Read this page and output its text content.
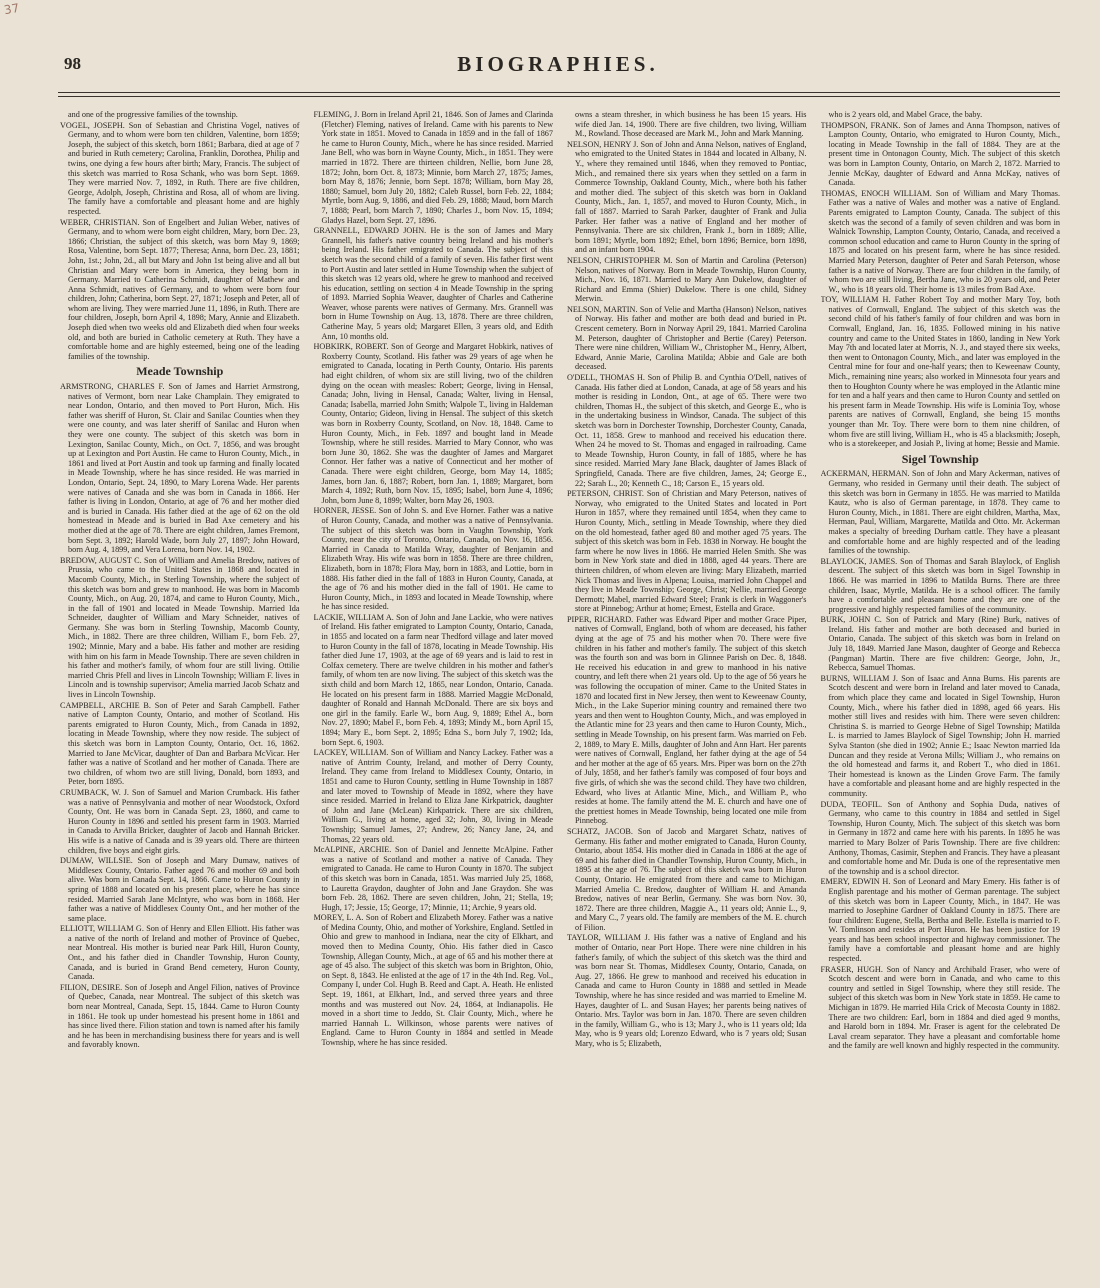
37
98	BIOGRAPHIES.

and one of the progressive families of the township.

VOGEL, JOSEPH. Son of Sebastian and Christina Vogel, natives of Germany, and to whom were born ten children, Valentine, born 1859; Joseph, the subject of this sketch, born 1861; Barbara, died at age of 7 and buried in Ruth cemetery; Carolina, Franklin, Dorothea, Philip and twins, one dying a few hours after birth; Mary, Francis. The subject of this sketch was married to Rosa Schank, who was born Sept. 1869. They were married Nov. 7, 1892, in Ruth. There are five children, George, Adolph, Joseph, Christina and Rosa, all of whom are living. The family have a comfortable and pleasant home and are highly respected.

WEBER, CHRISTIAN. Son of Engelbert and Julian Weber, natives of Germany, and to whom were born eight children, Mary, born Dec. 23, 1866; Christian, the subject of this sketch, was born May 9, 1869; Rosa, Valentine, born Sept. 1877; Theresa; Anna, born Dec. 23, 1881; John, 1st.; John, 2d., all but Mary and John 1st being alive and all but Christian and Mary were born in America, they being born in Germany. Married to Catherina Schmidt, daughter of Mathew and Anna Schmidt, natives of Germany, and to whom were born four children, John; Catherina, born Sept. 27, 1871; Joseph and Peter, all of whom are living. They were married June 11, 1896, in Ruth. There are four children, Joseph, born April 4, 1898; Mary, Annie and Elizabeth. Joseph died when two weeks old and Elizabeth died when four weeks old, and both are buried in Catholic cemetery at Ruth. They have a comfortable home and are highly esteemed, being one of the leading families of the township.

Meade Township

ARMSTRONG, CHARLES F. Son of James and Harriet Armstrong, natives of Vermont, born near Lake Champlain. They emigrated to near London, Ontario, and then moved to Port Huron, Mich. His father was sheriff of Huron, St. Clair and Sanilac Counties when they were one county, and was later sheriff of Sanilac and Huron when they were one county. The subject of this sketch was born in Lexington, Sanilac County, Mich., on Oct. 7, 1856, and was brought up at Lexington and Port Austin. He came to Huron County, Mich., in 1861 and lived at Port Austin and took up farming and finally located in Meade Township, where he has since resided. He was married in London, Ontario, Sept. 24, 1890, to Mary Lorena Wade. Her parents were natives of Canada and she was born in Canada in 1866. Her father is living in London, Ontario, at age of 76 and her mother died and is buried in Canada. His father died at the age of 62 on the old homestead in Meade and is buried in Bad Axe cemetery and his mother died at the age of 78. There are eight children, James Fremont, born Sept. 3, 1892; Harold Wade, born July 27, 1897; John Howard, born Aug. 4, 1899, and Vera Lorena, born Nov. 14, 1902.

BREDOW, AUGUST C. Son of William and Amelia Bredow, natives of Prussia, who came to the United States in 1868 and located in Macomb County, Mich., in Sterling Township, where the subject of this sketch was born and grew to manhood. He was born in Macomb County, Mich., on Aug. 20, 1874, and came to Huron County, Mich., in the fall of 1901 and located in Meade Township. Married Ida Schneider, daughter of William and Mary Schneider, natives of Germany. She was born in Sterling Township, Macomb County, Mich., in 1882. There are three children, William F., born Feb. 27, 1902; Minnie, Mary and a babe. His father and mother are residing with him on his farm in Meade Township. There are seven children in his father and mother's family, of whom four are still living. Ottilie married Chris Pfell and lives in Lincoln Township; William F. lives in Lincoln and is township supervisor; Amelia married Jacob Schatz and lives in Lincoln Township.

CAMPBELL, ARCHIE B. Son of Peter and Sarah Campbell. Father native of Lampton County, Ontario, and mother of Scotland. His parents emigrated to Huron County, Mich., from Canada in 1892, locating in Meade Township, where they now reside. The subject of this sketch was born in Lampton County, Ontario, Oct. 16, 1862. Married to Jane McVicar, daughter of Dan and Barbara McVicar. Her father was a native of Scotland and her mother of Canada. There are two children, of whom two are still living, Donald, born 1893, and Peter, born 1895.

CRUMBACK, W. J. Son of Samuel and Marion Crumback. His father was a native of Pennsylvania and mother of near Woodstock, Oxford County, Ont. He was born in Canada Sept. 23, 1860, and came to Huron County in 1896 and settled his present farm in 1903. Married in Canada to Arvilla Bricker, daughter of Jacob and Hannah Bricker. His wife is a native of Canada and is 39 years old. There are thirteen children, five boys and eight girls.

DUMAW, WILLSIE. Son of Joseph and Mary Dumaw, natives of Middlesex County, Ontario. Father aged 76 and mother 69 and both alive. Was born in Canada Sept. 14, 1866. Came to Huron County in spring of 1888 and located on his present place, where he has since resided. Married Sarah Jane McIntyre, who was born in 1868. Her father was a native of Middlesex County Ont., and her mother of the same place.

ELLIOTT, WILLIAM G. Son of Henry and Ellen Elliott. His father was a native of the north of Ireland and mother of Province of Quebec, near Montreal. His mother is buried near Park Hill, Huron County, Ont., and his father died in Chandler Township, Huron County, Canada, and is buried in Grand Bend cemetery, Huron County, Canada.

FILION, DESIRE. Son of Joseph and Angel Filion, natives of Province of Quebec, Canada, near Montreal. The subject of this sketch was born near Montreal, Canada, Sept. 15, 1844. Came to Huron County in 1861. He took up under homestead his present home in 1861 and has since lived there. Filion station and town is named after his family and he has been in merchandising business there for years and is well and favorably known.

FLEMING, J. Born in Ireland April 21, 1846. Son of James and Clarinda (Fletcher) Fleming, natives of Ireland. Came with his parents to New York state in 1851. Moved to Canada in 1859 and in the fall of 1867 he came to Huron County, Mich., where he has since resided. Married Jane Bell, who was born in Wayne County, Mich., in 1851. They were married in 1872. There are thirteen children, Nellie, born June 28, 1872; John, born Oct. 8, 1873; Minnie, born March 27, 1875; James, born May 8, 1876; Jennie, born Sept. 1878; William, born May 28, 1880; Samuel, born July 20, 1882; Caleb Russel, born Feb. 22, 1884; Myrtle, born Aug. 9, 1886, and died Feb. 29, 1888; Maud, born March 7, 1888; Pearl, born March 7, 1890; Charles J., born Nov. 15, 1894; Gladys Hazel, born Sept. 27, 1896.

GRANNELL, EDWARD JOHN. He is the son of James and Mary Grannell, his father's native country being Ireland and his mother's being Ireland. His father emigrated to Canada. The subject of this sketch was the second child of a family of seven. His father first went to Port Austin and later settled in Hume Township when the subject of this sketch was 12 years old, where he grew to manhood and received his education, settling on section 4 in Meade Township in the spring of 1893. Married Sophia Weaver, daughter of Charles and Catherine Weaver, whose parents were natives of Germany. Mrs. Grannell was born in Hume Township on Aug. 13, 1878. There are three children, Catherine May, 5 years old; Margaret Ellen, 3 years old, and Edith Ann, 10 months old.

HOBKIRK, ROBERT. Son of George and Margaret Hobkirk, natives of Roxberry County, Scotland. His father was 29 years of age when he emigrated to Canada, locating in Perth County, Ontario. His parents had eight children, of whom six are still living, two of the children dying on the ocean with measles: Robert; George, living in Hensal, Canada; John, living in Hensal, Canada; Walter, living in Hensal, Canada; Isabella, married John Smith; Walpole T., living in Haldeman County, Ontario; Gideon, living in Hensal. The subject of this sketch was born in Roxberry County, Scotland, on Nov. 18, 1848. Came to Huron County, Mich., in Feb. 1897 and bought land in Meade Township, where he still resides. Married to Mary Connor, who was born June 30, 1862. She was the daughter of James and Margaret Connor. Her father was a native of Connecticut and her mother of Canada. There were eight children, George, born May 14, 1885; James, born Jan. 6, 1887; Robert, born Jan. 1, 1889; Margaret, born March 4, 1892; Ruth, born Nov. 15, 1895; Isabel, born June 4, 1896; John, born June 8, 1899; Walter, born May 26, 1903.

HORNER, JESSE. Son of John S. and Eve Horner. Father was a native of Huron County, Canada, and mother was a native of Pennsylvania. The subject of this sketch was born in Vaughn Township, York County, near the city of Toronto, Ontario, Canada, on Nov. 16, 1856. Married in Canada to Matilda Wray, daughter of Benjamin and Elizabeth Wray. His wife was born in 1858. There are three children, Elizabeth, born in 1878; Flora May, born in 1883, and Lottie, born in 1888. His father died in the fall of 1883 in Huron County, Canada, at the age of 76 and his mother died in the fall of 1901. He came to Huron County, Mich., in 1893 and located in Meade Township, where he has since resided.

LACKIE, WILLIAM A. Son of John and Jane Lackie, who were natives of Ireland. His father emigrated to Lampton County, Ontario, Canada, in 1855 and located on a farm near Thedford village and later moved to Huron County in the fall of 1878, locating in Meade Township. His father died June 17, 1903, at the age of 69 years and is laid to rest in Colfax cemetery. There are twelve children in his mother and father's family, of whom ten are now living. The subject of this sketch was the sixth child and born March 12, 1865, near London, Ontario, Canada. He located on his present farm in 1888. Married Maggie McDonald, daughter of Ronald and Hannah McDonald. There are six boys and one girl in the family. Earle W., born Aug. 9, 1889; Ethel A., born Nov. 27, 1890; Mabel F., born Feb. 4, 1893; Mindy M., born April 15, 1894; Mary E., born Sept. 2, 1895; Edna S., born July 7, 1902; Ida, born Sept. 6, 1903.

LACKEY, WILLIAM. Son of William and Nancy Lackey. Father was a native of Antrim County, Ireland, and mother of Derry County, Ireland. They came from Ireland to Middlesex County, Ontario, in 1851 and came to Huron County, settling in Hume Township in 1887 and later moved to Township of Meade in 1892, where they have since resided. Married in Ireland to Eliza Jane Kirkpatrick, daughter of John and Jane (McLean) Kirkpatrick. There are six children, William G., living at home, aged 32; John, 30, living in Meade Township; Samuel James, 27; Andrew, 26; Nancy Jane, 24, and Thomas, 22 years old.

McALPINE, ARCHIE. Son of Daniel and Jennette McAlpine. Father was a native of Scotland and mother a native of Canada. They emigrated to Canada. He came to Huron County in 1870. The subject of this sketch was born in Canada, 1851. Was married July 25, 1868, to Lauretta Graydon, daughter of John and Jane Graydon. She was born Feb. 28, 1862. There are seven children, John, 21; Stella, 19; Hugh, 17; Jessie, 15; George, 17; Minnie, 11; Archie, 9 years old.

MOREY, L. A. Son of Robert and Elizabeth Morey. Father was a native of Medina County, Ohio, and mother of Yorkshire, England. Settled in Ohio and grew to manhood in Indiana, near the city of Elkhart, and moved then to Medina County, Ohio. His father died in Casco Township, Allegan County, Mich., at age of 65 and his mother there at age of 45 also. The subject of this sketch was born in Brighton, Ohio, on Sept. 8, 1843. He enlisted at the age of 17 in the 4th Ind. Reg. Vol., Company I, under Col. Hugh B. Reed and Capt. A. Heath. He enlisted Sept. 19, 1861, at Elkhart, Ind., and served three years and three months and was mustered out Nov. 24, 1864, at Indianapolis. He moved in a short time to Jeddo, St. Clair County, Mich., where he married Hannah L. Wilkinson, whose parents were natives of England. Came to Huron County in 1884 and settled in Meade Township, where he has since resided.

owns a steam thresher, in which business he has been 15 years. His wife died Jan. 14, 1900. There are five children, two living, William M., Rowland. Those deceased are Mark M., John and Mark Manning.

NELSON, HENRY J. Son of John and Anna Nelson, natives of England, who emigrated to the United States in 1844 and located in Albany, N. Y., where they remained until 1846, when they removed to Pontiac, Mich., and remained there six years when they settled on a farm in Commerce Township, Oakland County, Mich., where both his father and mother died. The subject of this sketch was born in Oakland County, Mich., Jan. 1, 1857, and moved to Huron County, Mich., in fall of 1887. Married to Sarah Parker, daughter of Frank and Julia Parker. Her father was a native of England and her mother of Pennsylvania. There are six children, Frank J., born in 1889; Allie, born 1891; Myrtle, born 1892; Ethel, born 1896; Bernice, born 1898, and an infant born 1904.

NELSON, CHRISTOPHER M. Son of Martin and Carolina (Peterson) Nelson, natives of Norway. Born in Meade Township, Huron County, Mich., Nov. 16, 1871. Married to Mary Ann Dukelow, daughter of Richard and Emma (Shier) Dukelow. There is one child, Sidney Merwin.

NELSON, MARTIN. Son of Velie and Martha (Hanson) Nelson, natives of Norway. His father and mother are both dead and buried in Pt. Crescent cemetery. Born in Norway April 29, 1841. Married Carolina M. Peterson, daughter of Christopher and Bertie (Carey) Peterson. There were nine children, William W., Christopher M., Henry, Albert, Edward, Annie Marie, Carolina Matilda; Abbie and Gale are both deceased.

O'DELL, THOMAS H. Son of Philip B. and Cynthia O'Dell, natives of Canada. His father died at London, Canada, at age of 58 years and his mother is residing in London, Ont., at age of 65. There were two children, Thomas H., the subject of this sketch, and George E., who is in the undertaking business in Windsor, Canada. The subject of this sketch was born in Dorchester Township, Dorchester County, Canada, Oct. 11, 1858. Grew to manhood and received his education there. When 24 he moved to St. Thomas and engaged in railroading. Came to Meade Township, Huron County, in fall of 1885, where he has since resided. Married Mary Jane Black, daughter of James Black of Springfield, Canada. There are five children, James, 24; George E., 22; Sarah L., 20; Kenneth C., 18; Carson E., 15 years old.

PETERSON, CHRIST. Son of Christian and Mary Peterson, natives of Norway, who emigrated to the United States and located in Port Huron in 1857, where they remained until 1854, when they came to Huron County, Mich., settling in Meade Township, where they died on the old homestead, father aged 80 and mother aged 75 years. The subject of this sketch was born in Feb. 1838 in Norway. He bought the farm where he now lives in 1866. He married Helen Smith. She was born in New York state and died in 1888, aged 44 years. There are thirteen children, of whom eleven are living: Mary Elizabeth, married Nick Thomas and lives in Alpena; Louisa, married John Chappel and they live in Meade Township; George, Christ; Nellie, married George Dermott; Mabel, married Edward Steel; Frank is clerk in Waggoner's store at Pinnebog; Arthur at home; Ernest, Estella and Grace.

PIPER, RICHARD. Father was Edward Piper and mother Grace Piper, natives of Cornwall, England, both of whom are deceased, his father dying at the age of 75 and his mother when 70. There were five children in his father and mother's family. The subject of this sketch was the fourth son and was born in Glinnee Parish on Dec. 8, 1848. He received his education in and grew to manhood in his native country, and left there when 21 years old. Up to the age of 56 years he was following the occupation of miner. Came to the United States in 1870 and located first in New Jersey, then went to Keweenaw County, Mich., in the Lake Superior mining country and remained there two years and then went to Houghton County, Mich., and was employed in the Atlantic mine for 23 years and then came to Huron County, Mich., settling in Meade Township, on his present farm. Was married on Feb. 2, 1889, to Mary E. Mills, daughter of John and Ann Hart. Her parents were natives of Cornwall, England, her father dying at the age of 54 and her mother at the age of 65 years. Mrs. Piper was born on the 27th of July, 1858, and her father's family was composed of four boys and five girls, of which she was the second child. They have two children, Edward, who lives at Atlantic Mine, Mich., and William P., who resides at home. The family attend the M. E. church and have one of the prettiest homes in Meade Township, being located one mile from Pinnebog.

SCHATZ, JACOB. Son of Jacob and Margaret Schatz, natives of Germany. His father and mother emigrated to Canada, Huron County, Ontario, about 1854. His mother died in Canada in 1886 at the age of 69 and his father died in Chandler Township, Huron County, Mich., in 1895 at the age of 76. The subject of this sketch was born in Huron County, Ontario. He emigrated from there and came to Michigan. Married Amelia C. Bredow, daughter of William H. and Amanda Bredow, natives of near Berlin, Germany. She was born Nov. 30, 1872. There are three children, Maggie A., 11 years old; Annie L., 9, and Mary C., 7 years old. The family are members of the M. E. church of Filion.

TAYLOR, WILLIAM J. His father was a native of England and his mother of Ontario, near Port Hope. There were nine children in his father's family, of which the subject of this sketch was the third and was born near St. Thomas, Middlesex County, Ontario, Canada, on Aug. 27, 1866. He grew to manhood and received his education in Canada and came to Huron County in 1888 and settled in Meade Township, where he has since resided and was married to Emeline M. Hayes, daughter of L. and Susan Hayes; her parents being natives of Ontario. Mrs. Taylor was born in Jan. 1870. There are seven children in the family, William G., who is 13; Mary J., who is 11 years old; Ida May, who is 9 years old; Lorenzo Edward, who is 7 years old; Susan Mary, who is 5; Elizabeth,

who is 2 years old, and Mabel Grace, the baby.

THOMPSON, FRANK. Son of James and Anna Thompson, natives of Lampton County, Ontario, who emigrated to Huron County, Mich., locating in Meade Township in the fall of 1884. They are at the present time in Ontonagon County, Mich. The subject of this sketch was born in Lampton County, Ontario, on March 2, 1872. Married to Jennie McKay, daughter of Edward and Anna McKay, natives of Canada.

THOMAS, ENOCH WILLIAM. Son of William and Mary Thomas. Father was a native of Wales and mother was a native of England. Parents emigrated to Lampton County, Canada. The subject of this sketch was the second of a family of seven children and was born in Walnick Township, Lampton County, Ontario, Canada, and received a common school education and came to Huron County in the spring of 1875 and located on his present farm, where he has since resided. Married Mary Peterson, daughter of Peter and Sarah Peterson, whose father is a native of Norway. There are four children in the family, of whom two are still living, Bertha Jane, who is 20 years old, and Peter W., who is 18 years old. Their home is 13 miles from Bad Axe.

TOY, WILLIAM H. Father Robert Toy and mother Mary Toy, both natives of Cornwall, England. The subject of this sketch was the second child of his father's family of four children and was born in Cornwall, England, Jan. 16, 1835. Followed mining in his native country and came to the United States in 1860, landing in New York May 7th and located later at Morris, N. J., and stayed there six weeks, then went to Ontonagon County, Mich., and later was employed in the Central mine for four and one-half years; then to Keweenaw County, Mich., remaining nine years; also worked in Minnesota four years and then to Houghton County where he was employed in the Atlantic mine for ten and a half years and then came to Huron County and settled on his present farm in Meade Township. His wife is Lominia Toy, whose parents are natives of Cornwall, England, she being 15 months younger than Mr. Toy. There were born to them nine children, of whom five are still living, William H., who is 45 a blacksmith; Joseph, who is a storekeeper, and Josiah P., living at home; Bessie and Mamie.

Sigel Township

ACKERMAN, HERMAN. Son of John and Mary Ackerman, natives of Germany, who resided in Germany until their death. The subject of this sketch was born in Germany in 1855. He was married to Matilda Kautz, who is also of German parentage, in 1878. They came to Huron County, Mich., in 1881. There are eight children, Martha, Max, Herman, Paul, William, Margarette, Matilda and Otto. Mr. Ackerman makes a specialty of breeding Durham cattle. They have a pleasant and comfortable home and are highly respected and of the leading families of the township.

BLAYLOCK, JAMES. Son of Thomas and Sarah Blaylock, of English descent. The subject of this sketch was born in Sigel Township in 1866. He was married in 1896 to Matilda Burns. There are three children, Isaac, Myrtle, Matilda. He is a school officer. The family have a comfortable and pleasant home and they are one of the progressive and highly respected families of the community.

BURK, JOHN C. Son of Patrick and Mary (Rine) Burk, natives of Ireland. His father and mother are both deceased and buried in Ontario, Canada. The subject of this sketch was born in Ireland on July 18, 1849. Married Jane Mason, daughter of George and Rebecca (Pangman) Martin. There are five children: George, John, Jr., Rebecca, Samuel Thomas.

BURNS, WILLIAM J. Son of Isaac and Anna Burns. His parents are Scotch descent and were born in Ireland and later moved to Canada, from which place they came and located in Sigel Township, Huron County, Mich., where his father died in 1898, aged 66 years. His mother still lives and resides with him. There were seven children: Christina S. is married to George Hebne of Sigel Township; Matilda L. is married to James Blaylock of Sigel Township; John H. married Sylva Stanton (she died in 1902; Annie E.; Isaac Newton married Ida Duncan and they reside at Verona Mills; William J., who remains on the old homestead and farms it, and Robert T., who died in 1861. Their homestead is known as the Linden Grove Farm. The family have a comfortable and pleasant home and are highly respected in the community.

DUDA, TEOFIL. Son of Anthony and Sophia Duda, natives of Germany, who came to this country in 1884 and settled in Sigel Township, Huron County, Mich. The subject of this sketch was born in Germany in 1872 and came here with his parents. In 1895 he was married to Mary Bolzer of Paris Township. There are five children: Anthony, Thomas, Casimir, Stephen and Francis. They have a pleasant and comfortable home and Mr. Duda is one of the representative men of the township and is a school director.

EMERY, EDWIN H. Son of Leonard and Mary Emery. His father is of English parentage and his mother of German parentage. The subject of this sketch was born in Lapeer County, Mich., in 1847. He was married to Josephine Gardner of Oakland County in 1875. There are four children: Eugene, Stella, Bertha and Belle. Estella is married to F. W. Tomlinson and resides at Port Huron. He has been justice for 19 years and has been school inspector and highway commissioner. The family have a comfortable and pleasant home and are highly respected.

FRASER, HUGH. Son of Nancy and Archibald Fraser, who were of Scotch descent and were born in Canada, and who came to this country and settled in Sigel Township, where they still reside. The subject of this sketch was born in New York state in 1859. He came to Michigan in 1879. He married Hila Crick of Mecosta County in 1882. There are two children: Earl, born in 1884 and died aged 9 months, and Harold born in 1894. Mr. Fraser is agent for the celebrated De Laval cream separator. They have a pleasant and comfortable home and the family are well known and highly respected in the community.
